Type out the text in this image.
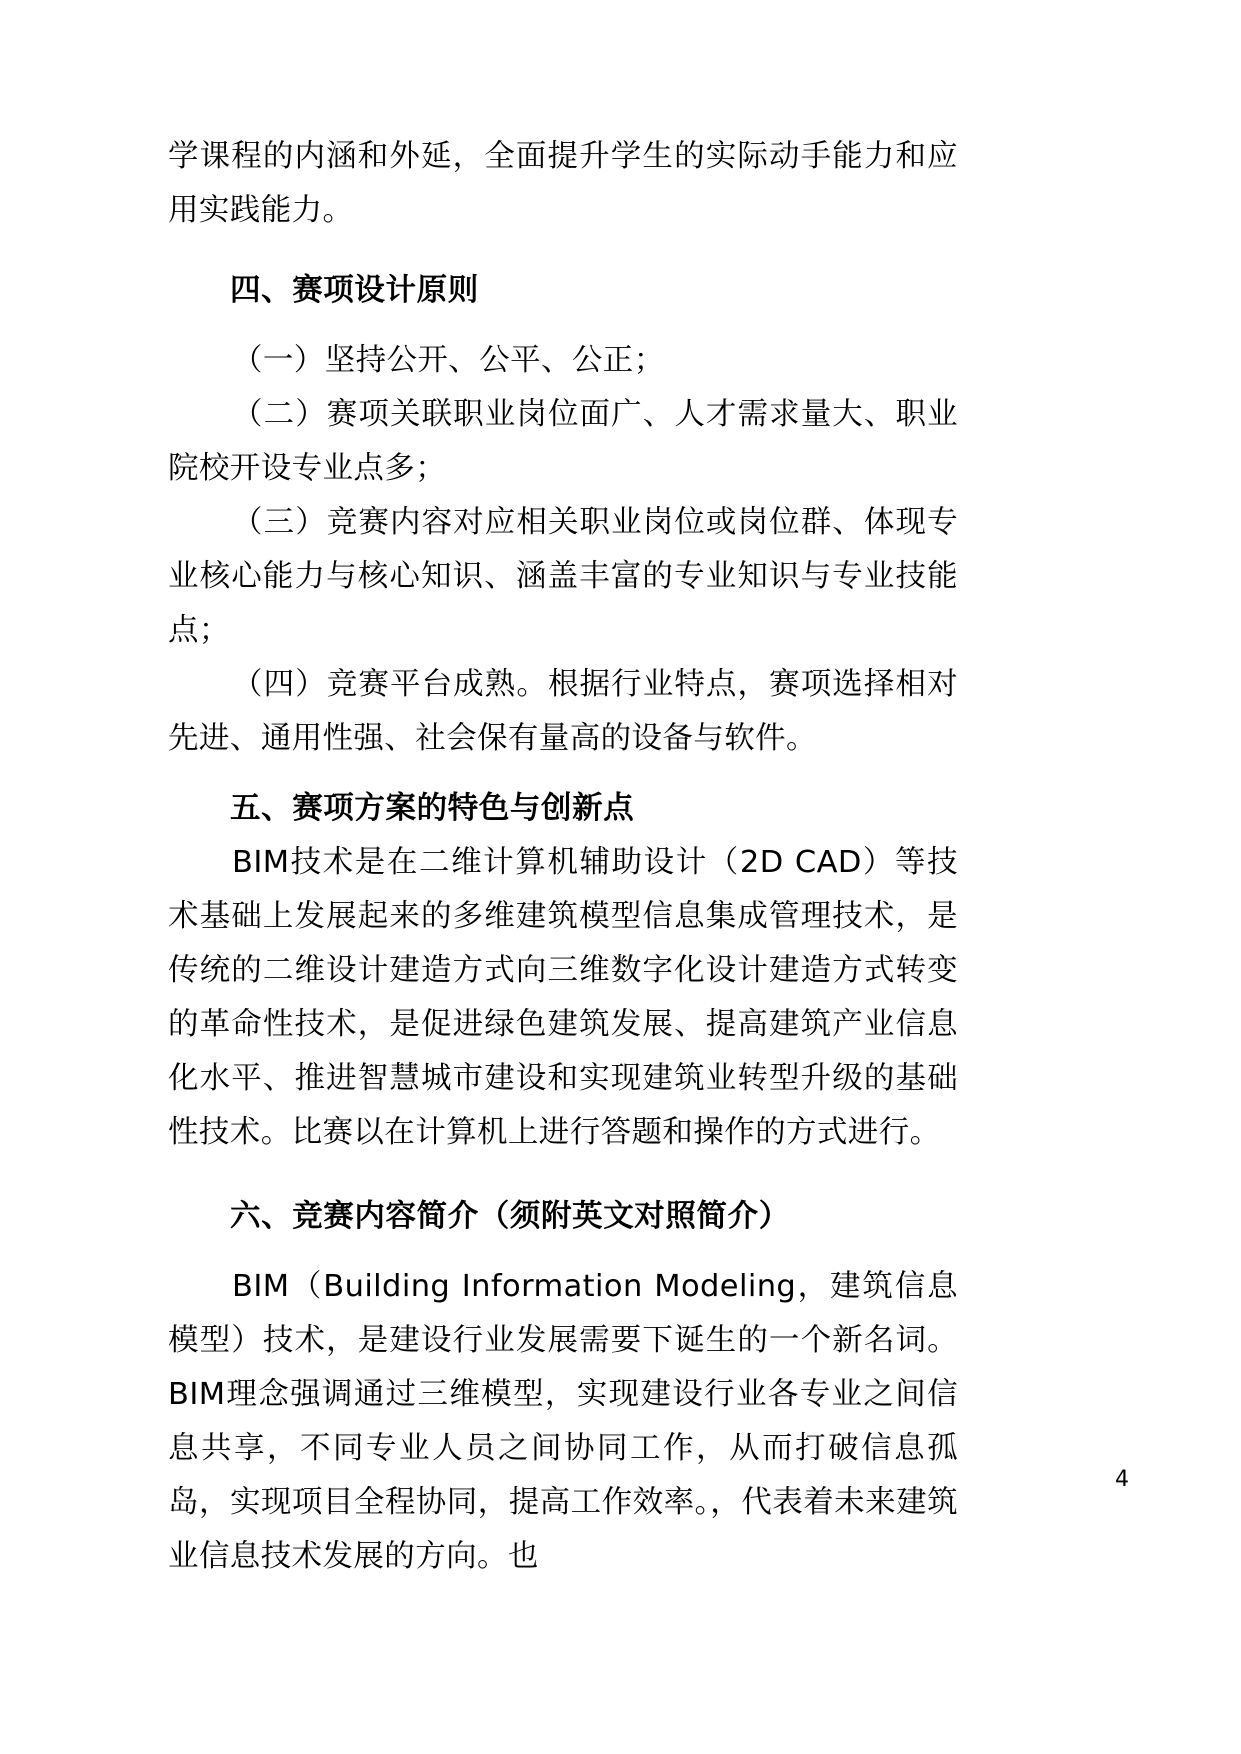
学课程的内涵和外延，全面提升学生的实际动手能力和应用实践能力。

四、赛项设计原则

（一）坚持公开、公平、公正；

（二）赛项关联职业岗位面广、人才需求量大、职业院校开设专业点多；

（三）竞赛内容对应相关职业岗位或岗位群、体现专业核心能力与核心知识、涵盖丰富的专业知识与专业技能点；

（四）竞赛平台成熟。根据行业特点，赛项选择相对先进、通用性强、社会保有量高的设备与软件。

五、赛项方案的特色与创新点

BIM技术是在二维计算机辅助设计（2D CAD）等技术基础上发展起来的多维建筑模型信息集成管理技术，是传统的二维设计建造方式向三维数字化设计建造方式转变的革命性技术，是促进绿色建筑发展、提高建筑产业信息化水平、推进智慧城市建设和实现建筑业转型升级的基础性技术。比赛以在计算机上进行答题和操作的方式进行。

六、竞赛内容简介（须附英文对照简介）

BIM（Building Information Modeling，建筑信息模型）技术，是建设行业发展需要下诞生的一个新名词。BIM理念强调通过三维模型，实现建设行业各专业之间信息共享，不同专业人员之间协同工作，从而打破信息孤岛，实现项目全程协同，提高工作效率。，代表着未来建筑业信息技术发展的方向。也

4
